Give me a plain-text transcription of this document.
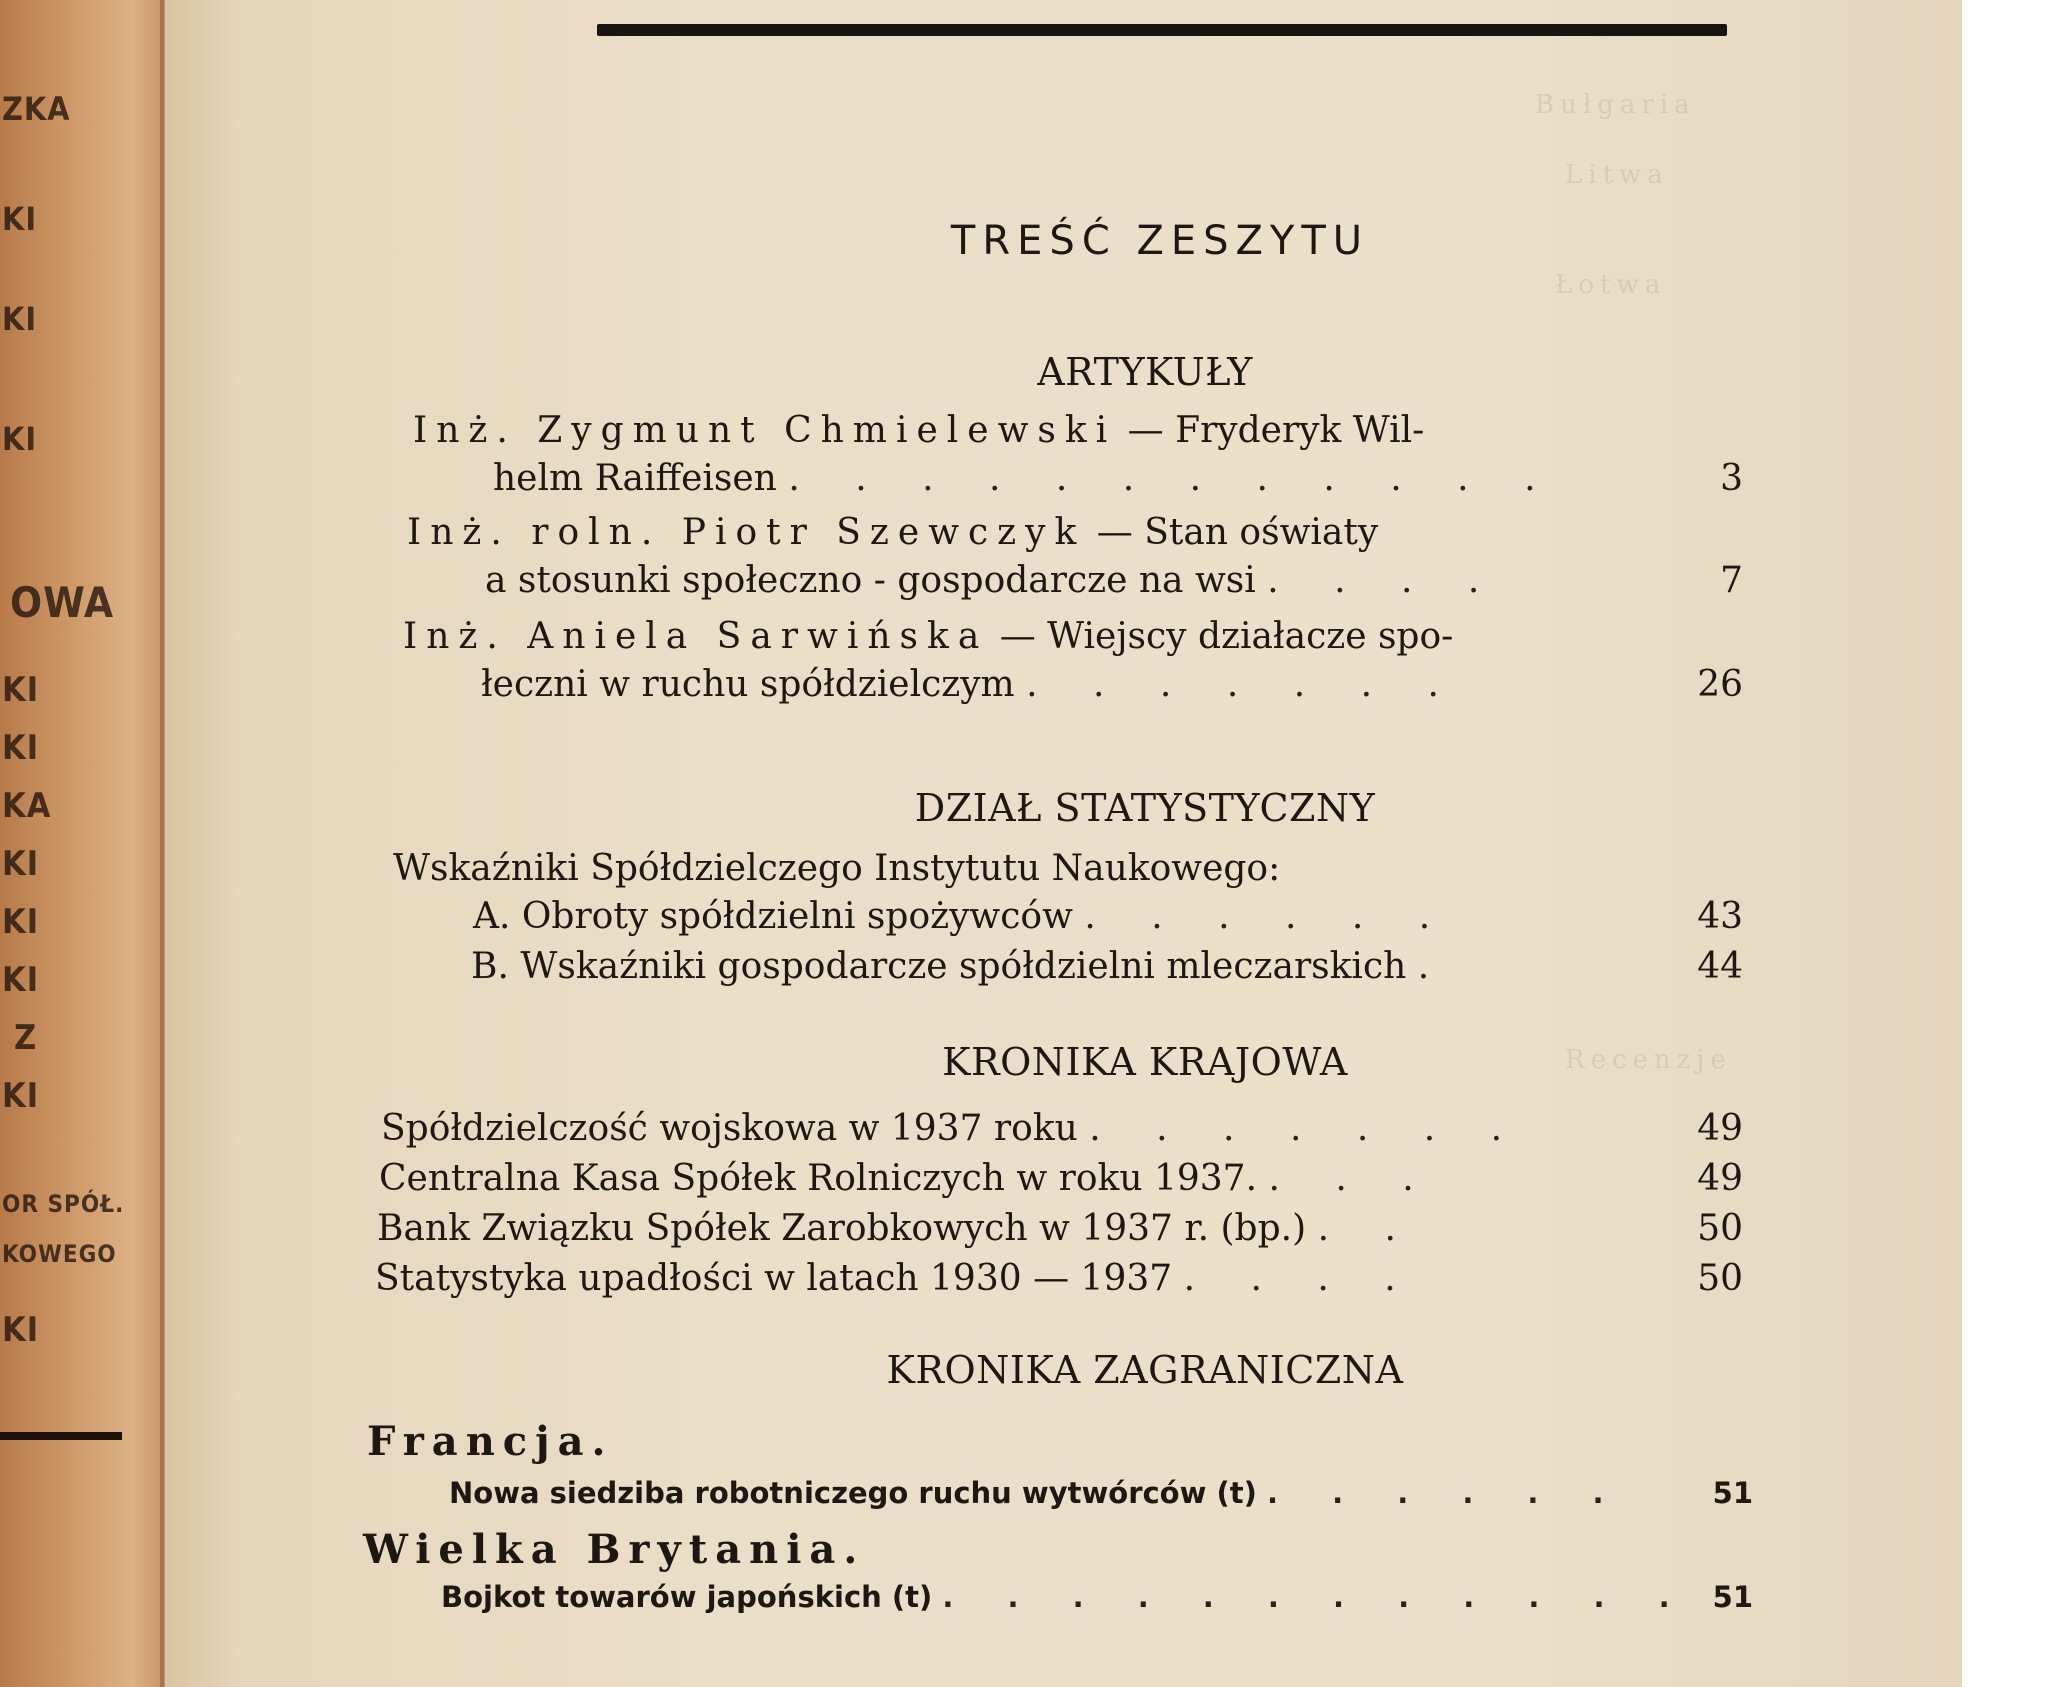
ZKA
KI
KI
KI
OWA
KI
KI
KA
KI
KI
KI
Z
KI
OR SPÓŁ.
KOWEGO
KI
Bułgaria
Litwa
Łotwa
Recenzje
TREŚĆ ZESZYTU
ARTYKUŁY
Inż. Zygmunt Chmielewski — Fryderyk Wil-
helm Raiffeisen . . . . . . . . . . . .	3
Inż. roln. Piotr Szewczyk — Stan oświaty
a stosunki społeczno - gospodarcze na wsi . . . .	7
Inż. Aniela Sarwińska — Wiejscy działacze spo-
łeczni w ruchu spółdzielczym . . . . . . .	26
DZIAŁ STATYSTYCZNY
Wskaźniki Spółdzielczego Instytutu Naukowego:
A. Obroty spółdzielni spożywców . . . . . .	43
B. Wskaźniki gospodarcze spółdzielni mleczarskich .	44
KRONIKA KRAJOWA
Spółdzielczość wojskowa w 1937 roku . . . . . . .	49
Centralna Kasa Spółek Rolniczych w roku 1937. . . .	49
Bank Związku Spółek Zarobkowych w 1937 r. (bp.) . .	50
Statystyka upadłości w latach 1930 — 1937 . . . .	50
KRONIKA ZAGRANICZNA
Francja.
Nowa siedziba robotniczego ruchu wytwórców (t) . . . . . .	51
Wielka Brytania.
Bojkot towarów japońskich (t) . . . . . . . . . . . . 51
